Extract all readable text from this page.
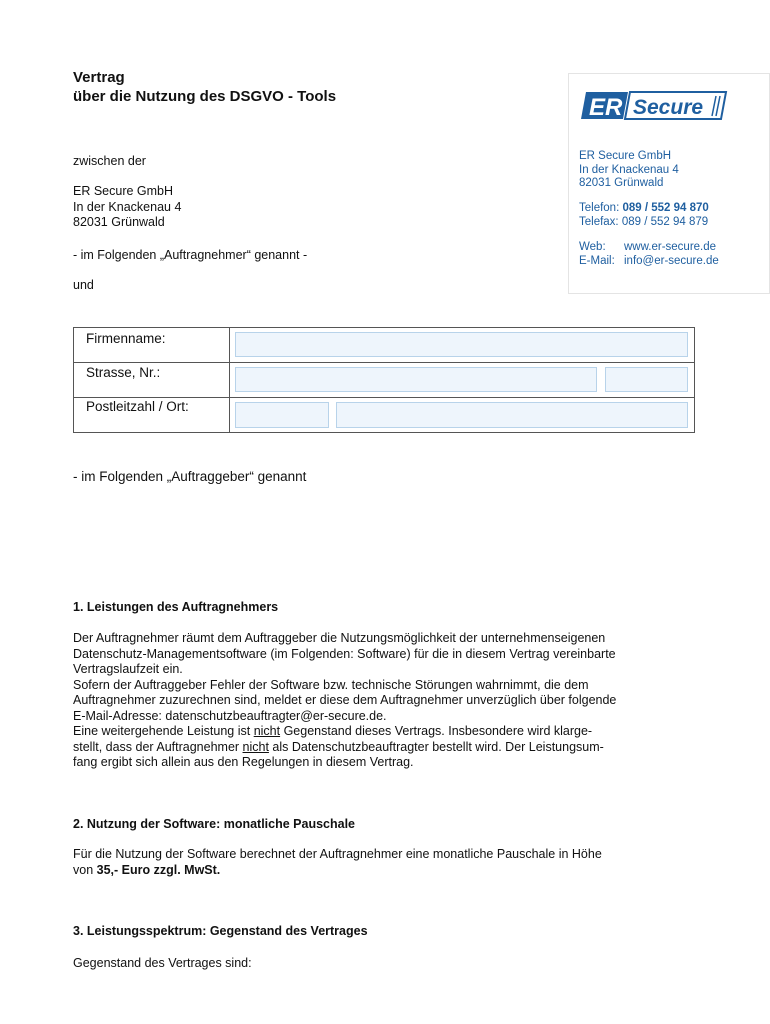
Vertrag
über die Nutzung des DSGVO - Tools	ER Secure
ER Secure GmbH
In der Knackenau 4
82031 Grünwald
Telefon: 089 / 552 94 870
Telefax: 089 / 552 94 879
Web: www.er-secure.de
E-Mail: info@er-secure.de
zwischen der
ER Secure GmbH
In der Knackenau 4
82031 Grünwald
- im Folgenden „Auftragnehmer“ genannt -
und
Firmenname:
Strasse, Nr.:
Postleitzahl / Ort:
- im Folgenden „Auftraggeber“ genannt
1. Leistungen des Auftragnehmers
Der Auftragnehmer räumt dem Auftraggeber die Nutzungsmöglichkeit der unternehmenseigenen
Datenschutz-Managementsoftware (im Folgenden: Software) für die in diesem Vertrag vereinbarte
Vertragslaufzeit ein.
Sofern der Auftraggeber Fehler der Software bzw. technische Störungen wahrnimmt, die dem
Auftragnehmer zuzurechnen sind, meldet er diese dem Auftragnehmer unverzüglich über folgende
E-Mail-Adresse: datenschutzbeauftragter@er-secure.de.
Eine weitergehende Leistung ist nicht Gegenstand dieses Vertrags. Insbesondere wird klarge-
stellt, dass der Auftragnehmer nicht als Datenschutzbeauftragter bestellt wird. Der Leistungsum-
fang ergibt sich allein aus den Regelungen in diesem Vertrag.
2. Nutzung der Software: monatliche Pauschale
Für die Nutzung der Software berechnet der Auftragnehmer eine monatliche Pauschale in Höhe
von 35,- Euro zzgl. MwSt.
3. Leistungsspektrum: Gegenstand des Vertrages
Gegenstand des Vertrages sind:
